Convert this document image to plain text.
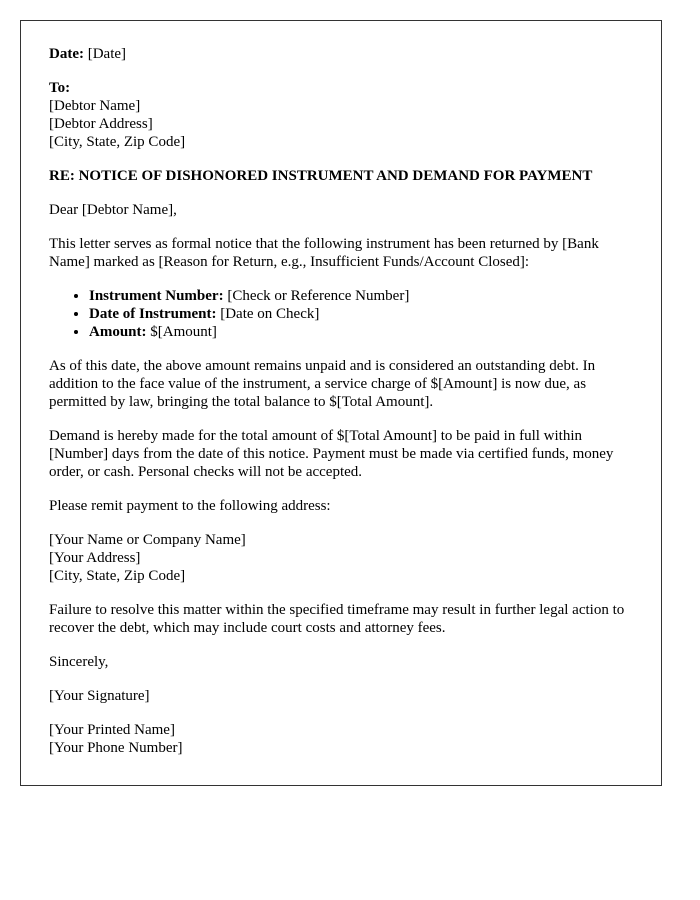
Date: [Date]

To:
[Debtor Name]
[Debtor Address]
[City, State, Zip Code]

RE: NOTICE OF DISHONORED INSTRUMENT AND DEMAND FOR PAYMENT

Dear [Debtor Name],

This letter serves as formal notice that the following instrument has been returned by [Bank Name] marked as [Reason for Return, e.g., Insufficient Funds/Account Closed]:

• Instrument Number: [Check or Reference Number]
• Date of Instrument: [Date on Check]
• Amount: $[Amount]

As of this date, the above amount remains unpaid and is considered an outstanding debt. In addition to the face value of the instrument, a service charge of $[Amount] is now due, as permitted by law, bringing the total balance to $[Total Amount].

Demand is hereby made for the total amount of $[Total Amount] to be paid in full within [Number] days from the date of this notice. Payment must be made via certified funds, money order, or cash. Personal checks will not be accepted.

Please remit payment to the following address:

[Your Name or Company Name]
[Your Address]
[City, State, Zip Code]

Failure to resolve this matter within the specified timeframe may result in further legal action to recover the debt, which may include court costs and attorney fees.

Sincerely,

[Your Signature]

[Your Printed Name]
[Your Phone Number]
